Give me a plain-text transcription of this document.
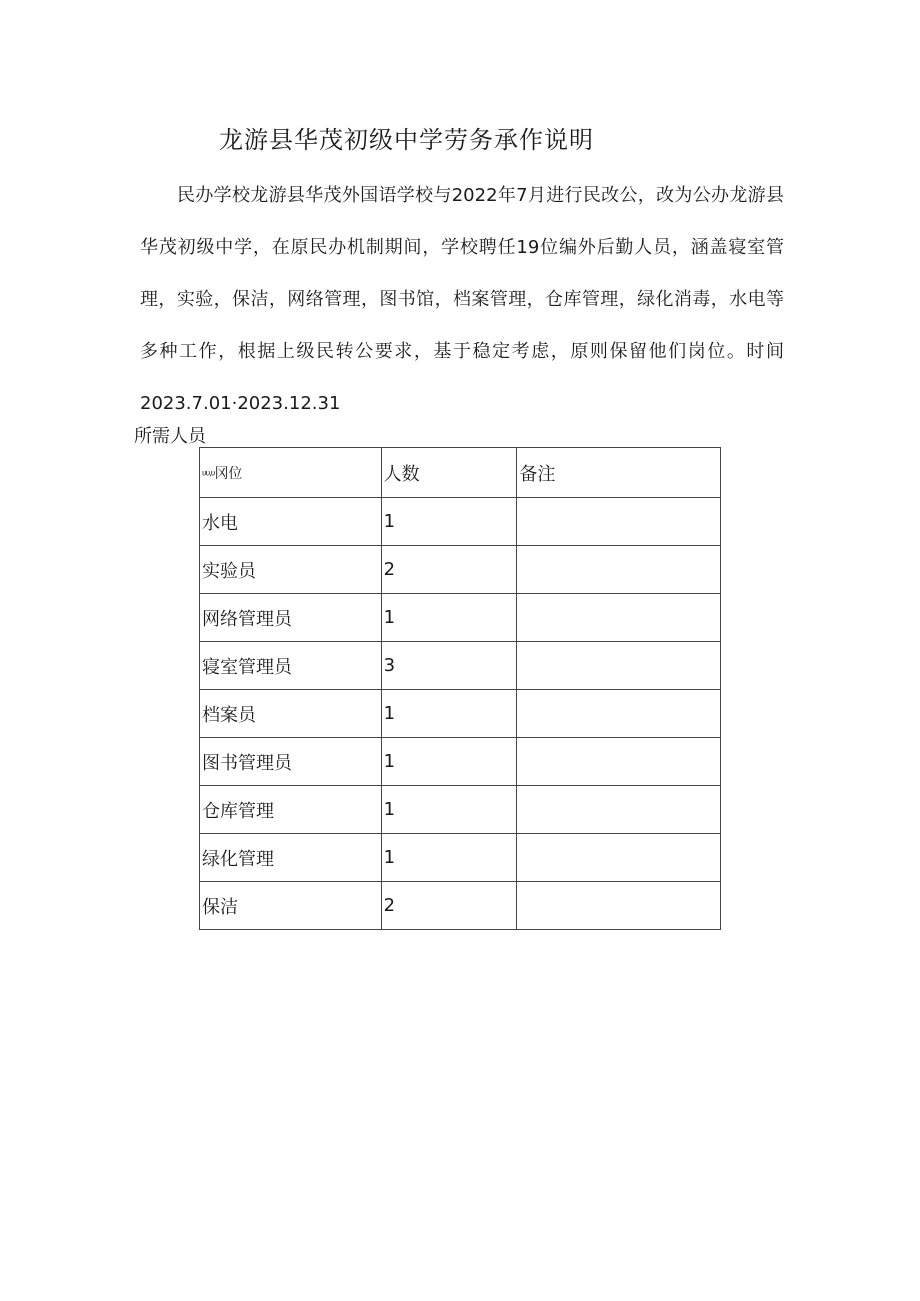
龙游县华茂初级中学劳务承作说明

民办学校龙游县华茂外国语学校与2022年7月进行民改公，改为公办龙游县华茂初级中学，在原民办机制期间，学校聘任19位编外后勤人员，涵盖寝室管理，实验，保洁，网络管理，图书馆，档案管理，仓库管理，绿化消毒，水电等多种工作，根据上级民转公要求，基于稳定考虑，原则保留他们岗位。时间2023.7.01·2023.12.31

所需人员
υυ,υ冈位	人数	备注
水电	1	
实验员	2	
网络管理员	1	
寝室管理员	3	
档案员	1	
图书管理员	1	
仓库管理	1	
绿化管理	1	
保洁	2	
